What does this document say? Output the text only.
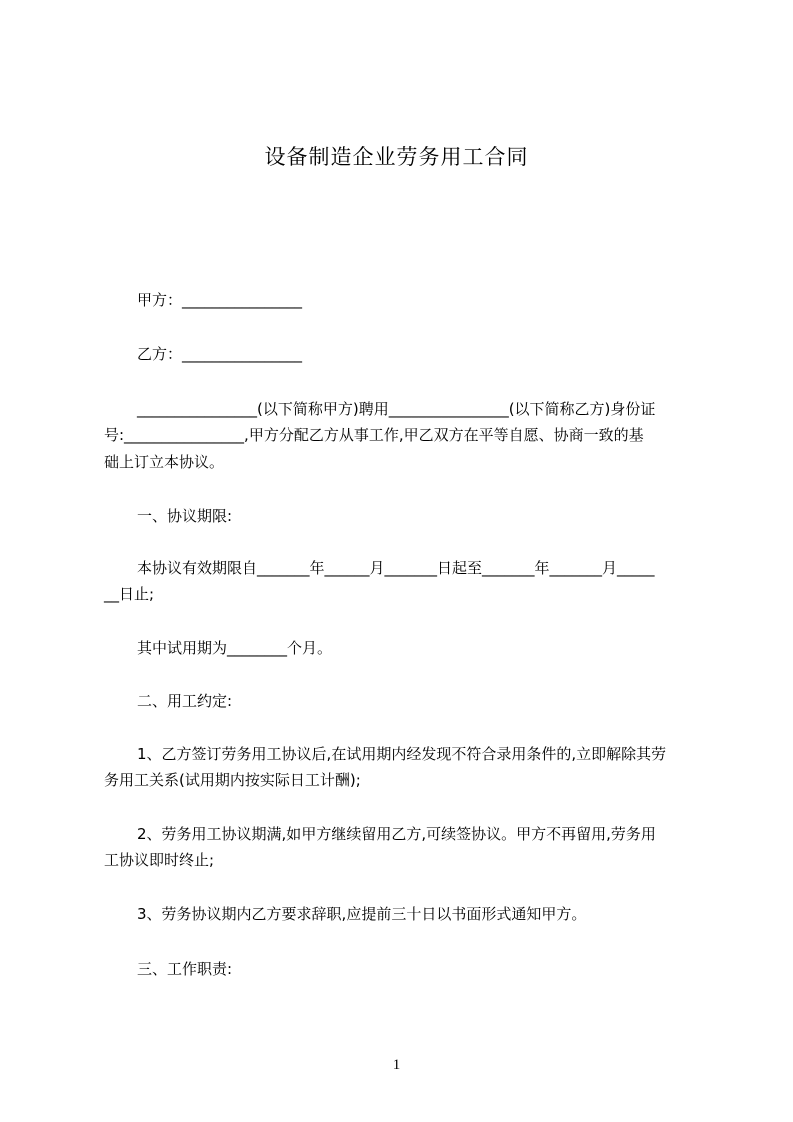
设备制造企业劳务用工合同
甲方：________________
乙方：________________
________________(以下简称甲方)聘用________________(以下简称乙方)身份证
号:________________,甲方分配乙方从事工作,甲乙双方在平等自愿、协商一致的基
础上订立本协议。
一、协议期限:
本协议有效期限自_______年______月_______日起至_______年_______月_____
__日止;
其中试用期为________个月。
二、用工约定:
1、乙方签订劳务用工协议后,在试用期内经发现不符合录用条件的,立即解除其劳
务用工关系(试用期内按实际日工计酬);
2、劳务用工协议期满,如甲方继续留用乙方,可续签协议。甲方不再留用,劳务用
工协议即时终止;
3、劳务协议期内乙方要求辞职,应提前三十日以书面形式通知甲方。
三、工作职责:
1
